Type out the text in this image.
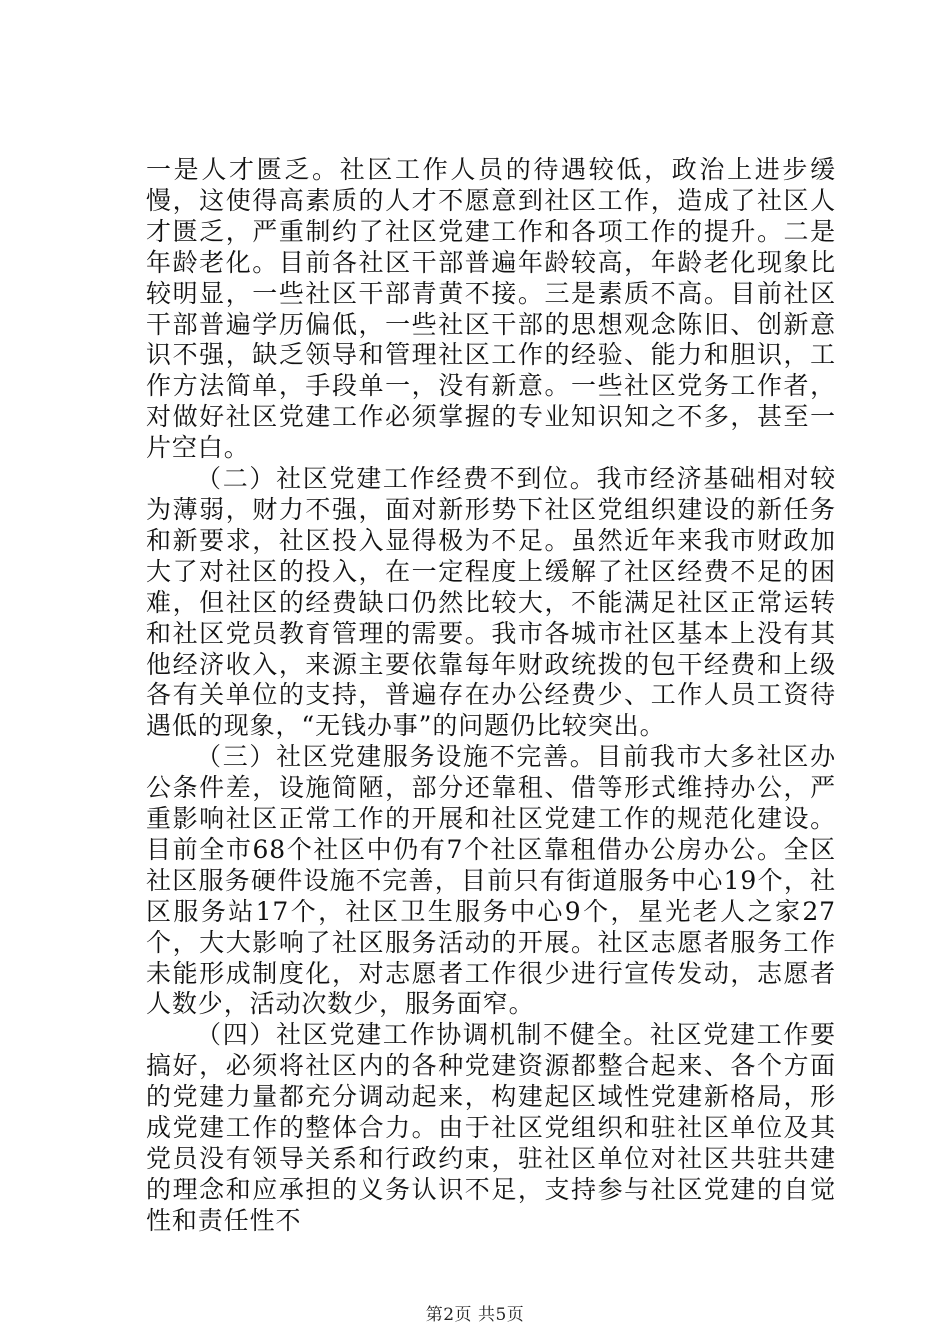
一是人才匮乏。社区工作人员的待遇较低，政治上进步缓慢，这使得高素质的人才不愿意到社区工作，造成了社区人才匮乏，严重制约了社区党建工作和各项工作的提升。二是年龄老化。目前各社区干部普遍年龄较高，年龄老化现象比较明显，一些社区干部青黄不接。三是素质不高。目前社区干部普遍学历偏低，一些社区干部的思想观念陈旧、创新意识不强，缺乏领导和管理社区工作的经验、能力和胆识，工作方法简单，手段单一，没有新意。一些社区党务工作者，对做好社区党建工作必须掌握的专业知识知之不多，甚至一片空白。

（二）社区党建工作经费不到位。我市经济基础相对较为薄弱，财力不强，面对新形势下社区党组织建设的新任务和新要求，社区投入显得极为不足。虽然近年来我市财政加大了对社区的投入，在一定程度上缓解了社区经费不足的困难，但社区的经费缺口仍然比较大，不能满足社区正常运转和社区党员教育管理的需要。我市各城市社区基本上没有其他经济收入，来源主要依靠每年财政统拨的包干经费和上级各有关单位的支持，普遍存在办公经费少、工作人员工资待遇低的现象，“无钱办事”的问题仍比较突出。

（三）社区党建服务设施不完善。目前我市大多社区办公条件差，设施简陋，部分还靠租、借等形式维持办公，严重影响社区正常工作的开展和社区党建工作的规范化建设。目前全市68个社区中仍有7个社区靠租借办公房办公。全区社区服务硬件设施不完善，目前只有街道服务中心19个，社区服务站17个，社区卫生服务中心9个，星光老人之家27个，大大影响了社区服务活动的开展。社区志愿者服务工作未能形成制度化，对志愿者工作很少进行宣传发动，志愿者人数少，活动次数少，服务面窄。

（四）社区党建工作协调机制不健全。社区党建工作要搞好，必须将社区内的各种党建资源都整合起来、各个方面的党建力量都充分调动起来，构建起区域性党建新格局，形成党建工作的整体合力。由于社区党组织和驻社区单位及其党员没有领导关系和行政约束，驻社区单位对社区共驻共建的理念和应承担的义务认识不足，支持参与社区党建的自觉性和责任性不

第2页 共5页
